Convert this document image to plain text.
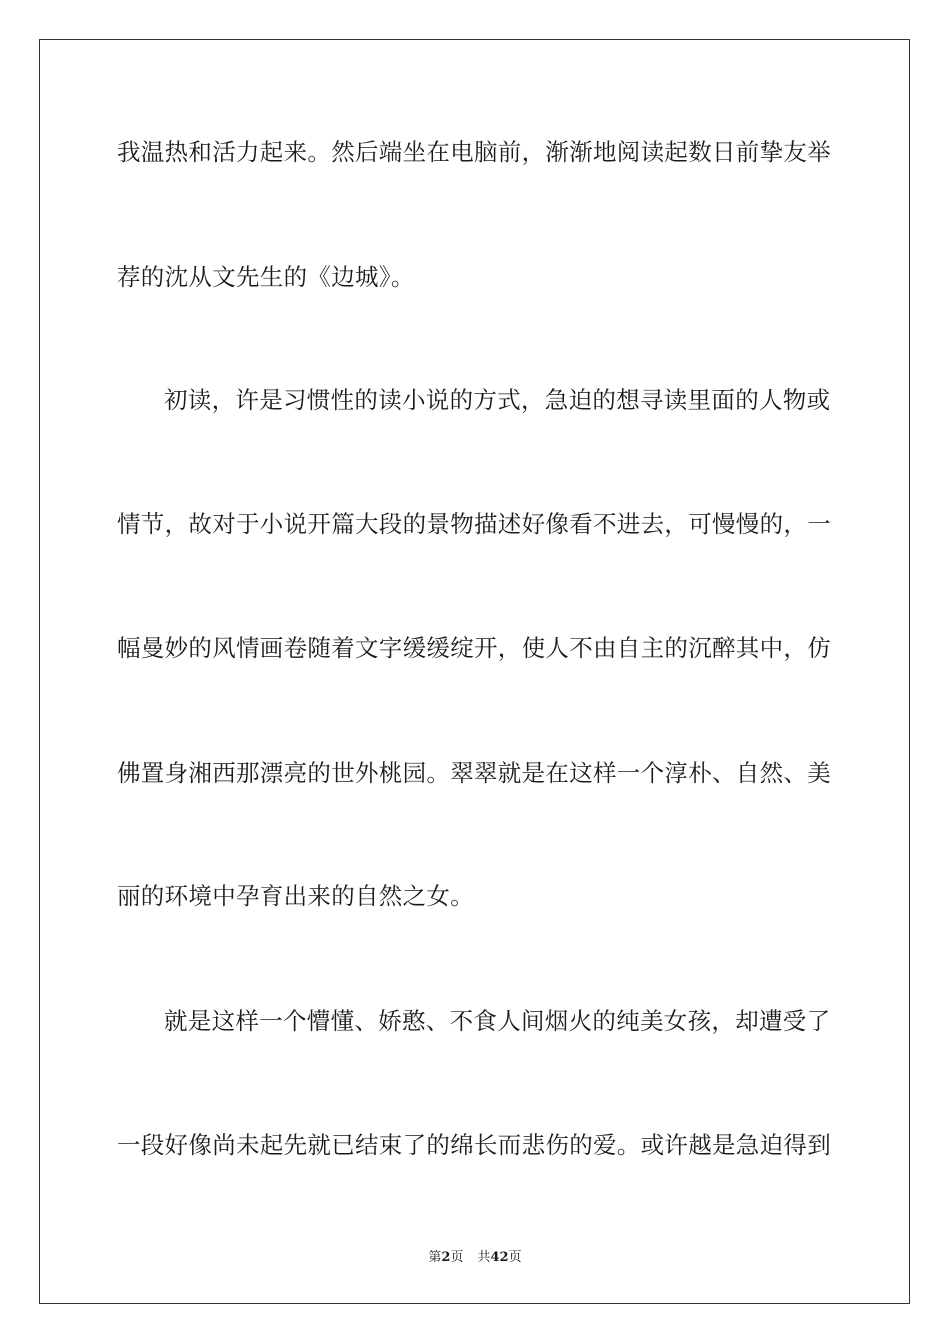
我温热和活力起来。然后端坐在电脑前，渐渐地阅读起数日前挚友举
荐的沈从文先生的《边城》。
初读，许是习惯性的读小说的方式，急迫的想寻读里面的人物或
情节，故对于小说开篇大段的景物描述好像看不进去，可慢慢的，一
幅曼妙的风情画卷随着文字缓缓绽开，使人不由自主的沉醉其中，仿
佛置身湘西那漂亮的世外桃园。翠翠就是在这样一个淳朴、自然、美
丽的环境中孕育出来的自然之女。
就是这样一个懵懂、娇憨、不食人间烟火的纯美女孩，却遭受了
一段好像尚未起先就已结束了的绵长而悲伤的爱。或许越是急迫得到
第2页 共42页
